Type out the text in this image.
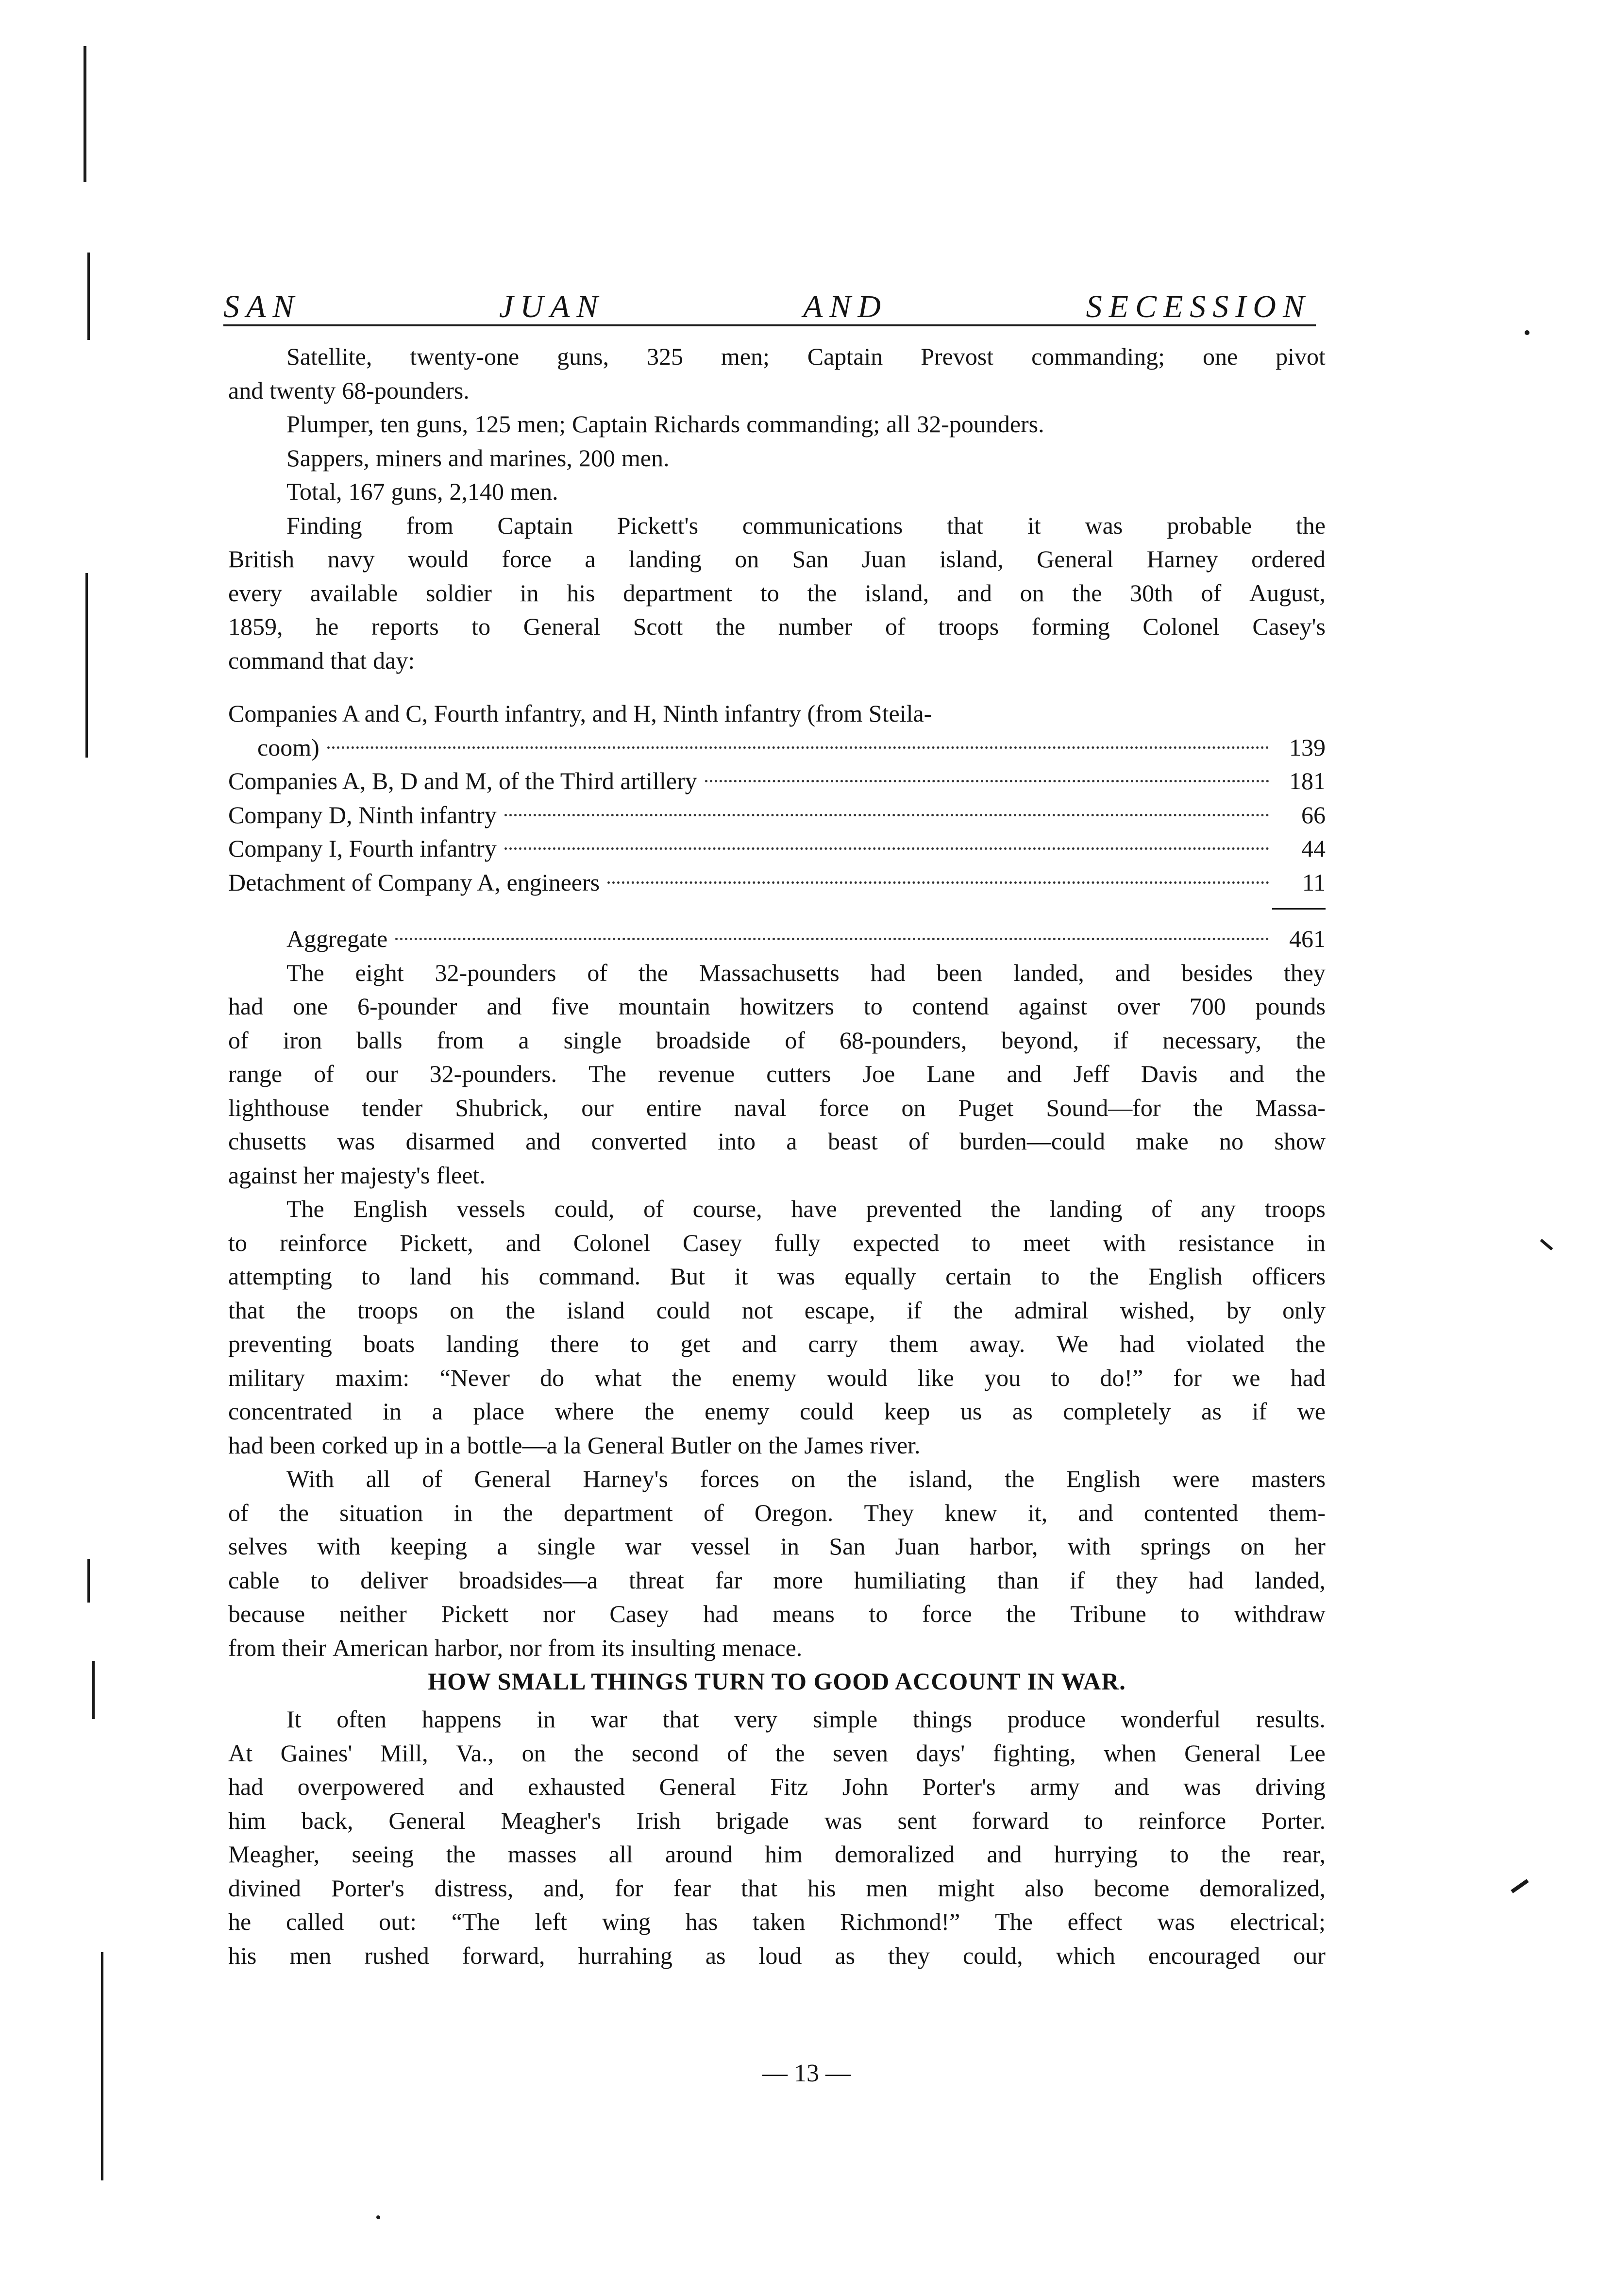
SAN	JUAN	AND	SECESSION
Satellite, twenty-one guns, 325 men; Captain Prevost commanding; one pivot
and twenty 68-pounders.
Plumper, ten guns, 125 men; Captain Richards commanding; all 32-pounders.
Sappers, miners and marines, 200 men.
Total, 167 guns, 2,140 men.
Finding from Captain Pickett's communications that it was probable the
British navy would force a landing on San Juan island, General Harney ordered
every available soldier in his department to the island, and on the 30th of August,
1859, he reports to General Scott the number of troops forming Colonel Casey's
command that day:
Companies A and C, Fourth infantry, and H, Ninth infantry (from Steila-
coom)	139
Companies A, B, D and M, of the Third artillery	181
Company D, Ninth infantry	66
Company I, Fourth infantry	44
Detachment of Company A, engineers	11
Aggregate	461
The eight 32-pounders of the Massachusetts had been landed, and besides they
had one 6-pounder and five mountain howitzers to contend against over 700 pounds
of iron balls from a single broadside of 68-pounders, beyond, if necessary, the
range of our 32-pounders. The revenue cutters Joe Lane and Jeff Davis and the
lighthouse tender Shubrick, our entire naval force on Puget Sound—for the Massa-
chusetts was disarmed and converted into a beast of burden—could make no show
against her majesty's fleet.
The English vessels could, of course, have prevented the landing of any troops
to reinforce Pickett, and Colonel Casey fully expected to meet with resistance in
attempting to land his command. But it was equally certain to the English officers
that the troops on the island could not escape, if the admiral wished, by only
preventing boats landing there to get and carry them away. We had violated the
military maxim: “Never do what the enemy would like you to do!” for we had
concentrated in a place where the enemy could keep us as completely as if we
had been corked up in a bottle—a la General Butler on the James river.
With all of General Harney's forces on the island, the English were masters
of the situation in the department of Oregon. They knew it, and contented them-
selves with keeping a single war vessel in San Juan harbor, with springs on her
cable to deliver broadsides—a threat far more humiliating than if they had landed,
because neither Pickett nor Casey had means to force the Tribune to withdraw
from their American harbor, nor from its insulting menace.
HOW SMALL THINGS TURN TO GOOD ACCOUNT IN WAR.
It often happens in war that very simple things produce wonderful results.
At Gaines' Mill, Va., on the second of the seven days' fighting, when General Lee
had overpowered and exhausted General Fitz John Porter's army and was driving
him back, General Meagher's Irish brigade was sent forward to reinforce Porter.
Meagher, seeing the masses all around him demoralized and hurrying to the rear,
divined Porter's distress, and, for fear that his men might also become demoralized,
he called out: “The left wing has taken Richmond!” The effect was electrical;
his men rushed forward, hurrahing as loud as they could, which encouraged our
— 13 —
